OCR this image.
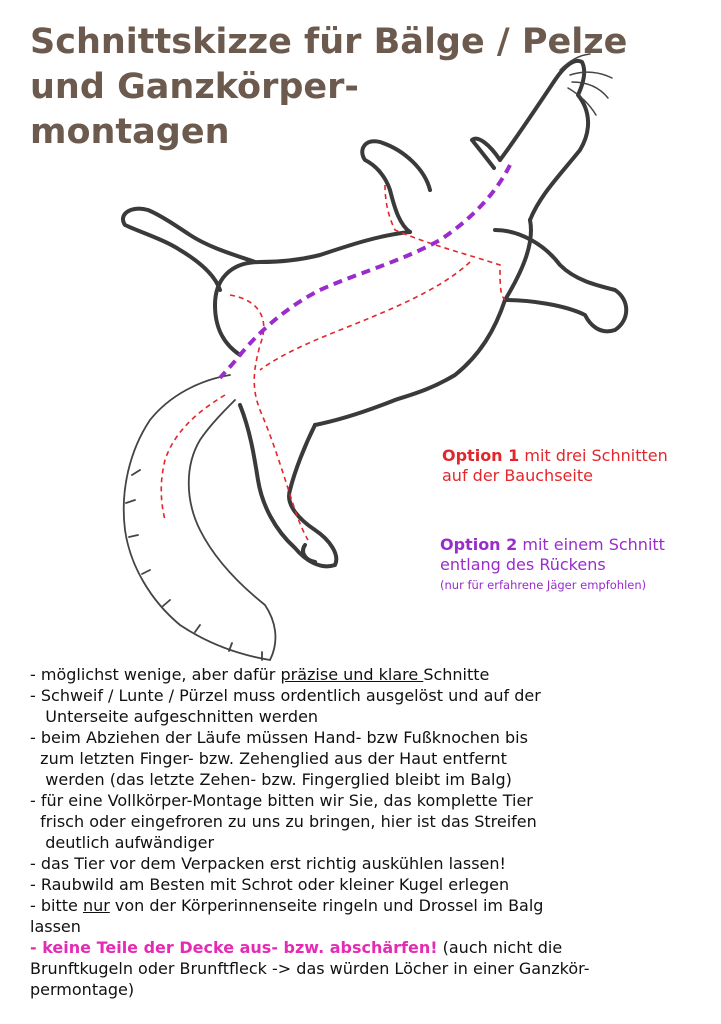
Schnittskizze für Bälge / Pelze
und Ganzkörper-
montagen
Option 1 mit drei Schnitten
auf der Bauchseite
Option 2 mit einem Schnitt
entlang des Rückens
(nur für erfahrene Jäger empfohlen)
- möglichst wenige, aber dafür präzise und klare Schnitte
- Schweif / Lunte / Pürzel muss ordentlich ausgelöst und auf der
Unterseite aufgeschnitten werden
- beim Abziehen der Läufe müssen Hand- bzw Fußknochen bis
zum letzten Finger- bzw. Zehenglied aus der Haut entfernt
werden (das letzte Zehen- bzw. Fingerglied bleibt im Balg)
- für eine Vollkörper-Montage bitten wir Sie, das komplette Tier
frisch oder eingefroren zu uns zu bringen, hier ist das Streifen
deutlich aufwändiger
- das Tier vor dem Verpacken erst richtig auskühlen lassen!
- Raubwild am Besten mit Schrot oder kleiner Kugel erlegen
- bitte nur von der Körperinnenseite ringeln und Drossel im Balg
lassen
- keine Teile der Decke aus- bzw. abschärfen! (auch nicht die
Brunftkugeln oder Brunftfleck -> das würden Löcher in einer Ganzkör-
permontage)
